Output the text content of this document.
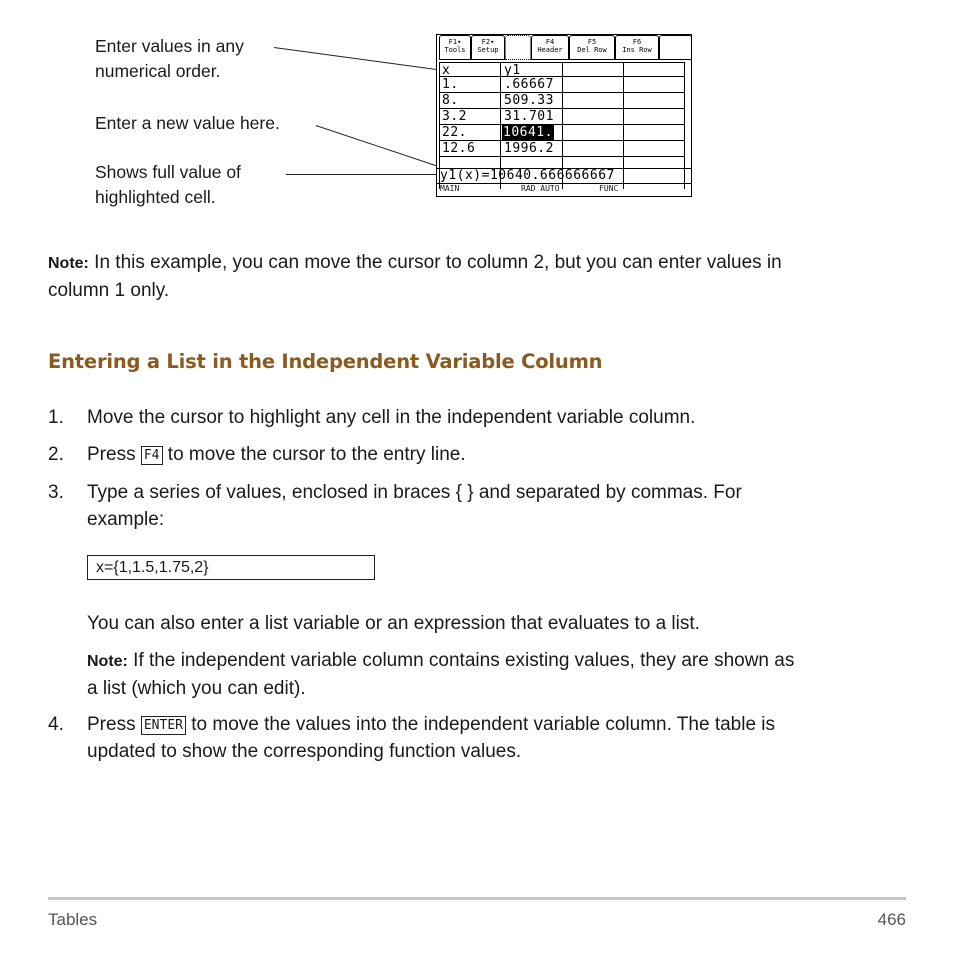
Enter values in any
numerical order.
Enter a new value here.
Shows full value of
highlighted cell.
F1▾
Tools
F2▾
Setup
F4
Header
F5
Del Row
F6
Ins Row
x	y1
1.	.66667
8.	509.33
3.2	31.701
22.	10641.
12.6 1996.2
y1(x)=10640.666666667
MAIN	RAD AUTO	FUNC
Note: In this example, you can move the cursor to column 2, but you can enter values in
column 1 only.
Entering a List in the Independent Variable Column
1. Move the cursor to highlight any cell in the independent variable column.
2. Press F4 to move the cursor to the entry line.
3. Type a series of values, enclosed in braces { } and separated by commas. For
example:
x={1,1.5,1.75,2}
You can also enter a list variable or an expression that evaluates to a list.
Note: If the independent variable column contains existing values, they are shown as
a list (which you can edit).
4. Press ENTER to move the values into the independent variable column. The table is
updated to show the corresponding function values.
Tables	466
